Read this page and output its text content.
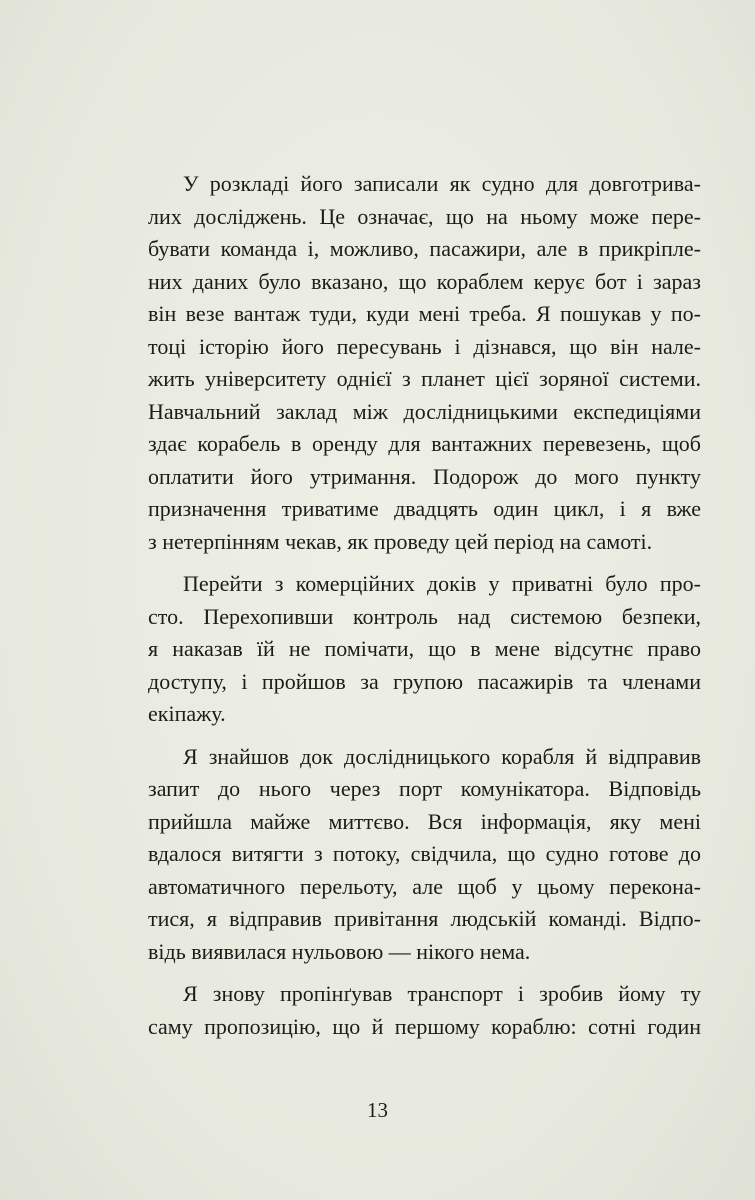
У розкладі його записали як судно для довготрива-
лих досліджень. Це означає, що на ньому може пере-
бувати команда і, можливо, пасажири, але в прикріпле-
них даних було вказано, що кораблем керує бот і зараз
він везе вантаж туди, куди мені треба. Я пошукав у по-
тоці історію його пересувань і дізнався, що він нале-
жить університету однієї з планет цієї зоряної системи.
Навчальний заклад між дослідницькими експедиціями
здає корабель в оренду для вантажних перевезень, щоб
оплатити його утримання. Подорож до мого пункту
призначення триватиме двадцять один цикл, і я вже
з нетерпінням чекав, як проведу цей період на самоті.
Перейти з комерційних доків у приватні було про-
сто. Перехопивши контроль над системою безпеки,
я наказав їй не помічати, що в мене відсутнє право
доступу, і пройшов за групою пасажирів та членами
екіпажу.
Я знайшов док дослідницького корабля й відправив
запит до нього через порт комунікатора. Відповідь
прийшла майже миттєво. Вся інформація, яку мені
вдалося витягти з потоку, свідчила, що судно готове до
автоматичного перельоту, але щоб у цьому перекона-
тися, я відправив привітання людській команді. Відпо-
відь виявилася нульовою — нікого нема.
Я знову пропінґував транспорт і зробив йому ту
саму пропозицію, що й першому кораблю: сотні годин
13
